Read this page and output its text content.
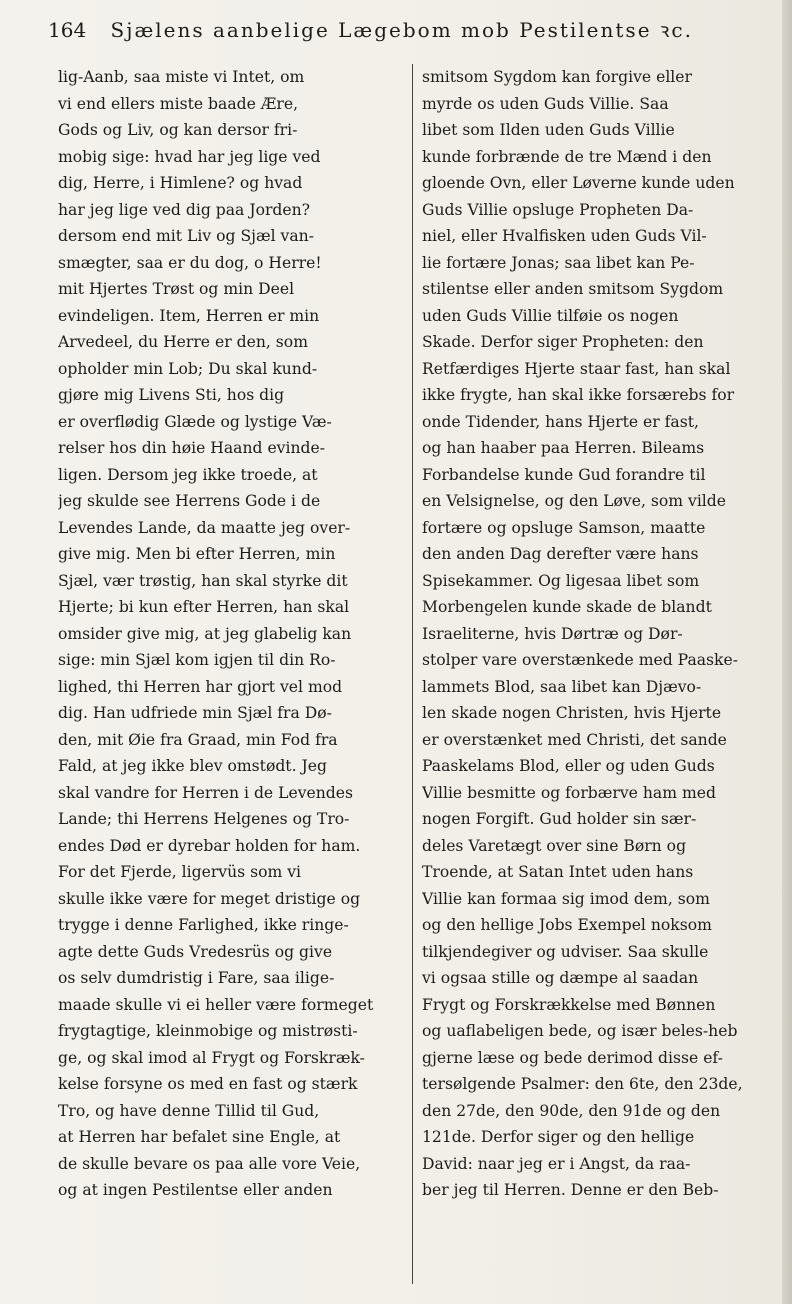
164 Sjælens aanbelige Lægebom mob Pestilentse ꝛc.
lig-Aanb, saa miste vi Intet, om
vi end ellers miste baade Ære,
Gods og Liv, og kan dersor fri-
mobig sige: hvad har jeg lige ved
dig, Herre, i Himlene? og hvad
har jeg lige ved dig paa Jorden?
dersom end mit Liv og Sjæl van-
smægter, saa er du dog, o Herre!
mit Hjertes Trøst og min Deel
evindeligen. Item, Herren er min
Arvedeel, du Herre er den, som
opholder min Lob; Du skal kund-
gjøre mig Livens Sti, hos dig
er overflødig Glæde og lystige Væ-
relser hos din høie Haand evinde-
ligen. Dersom jeg ikke troede, at
jeg skulde see Herrens Gode i de
Levendes Lande, da maatte jeg over-
give mig. Men bi efter Herren, min
Sjæl, vær trøstig, han skal styrke dit
Hjerte; bi kun efter Herren, han skal
omsider give mig, at jeg glabelig kan
sige: min Sjæl kom igjen til din Ro-
lighed, thi Herren har gjort vel mod
dig. Han udfriede min Sjæl fra Dø-
den, mit Øie fra Graad, min Fod fra
Fald, at jeg ikke blev omstødt. Jeg
skal vandre for Herren i de Levendes
Lande; thi Herrens Helgenes og Tro-
endes Død er dyrebar holden for ham.
For det Fjerde, ligervüs som vi
skulle ikke være for meget dristige og
trygge i denne Farlighed, ikke ringe-
agte dette Guds Vredesrüs og give
os selv dumdristig i Fare, saa ilige-
maade skulle vi ei heller være formeget
frygtagtige, kleinmobige og mistrøsti-
ge, og skal imod al Frygt og Forskræk-
kelse forsyne os med en fast og stærk
Tro, og have denne Tillid til Gud,
at Herren har befalet sine Engle, at
de skulle bevare os paa alle vore Veie,
og at ingen Pestilentse eller anden
smitsom Sygdom kan forgive eller
myrde os uden Guds Villie. Saa
libet som Ilden uden Guds Villie
kunde forbrænde de tre Mænd i den
gloende Ovn, eller Løverne kunde uden
Guds Villie opsluge Propheten Da-
niel, eller Hvalfisken uden Guds Vil-
lie fortære Jonas; saa libet kan Pe-
stilentse eller anden smitsom Sygdom
uden Guds Villie tilføie os nogen
Skade. Derfor siger Propheten: den
Retfærdiges Hjerte staar fast, han skal
ikke frygte, han skal ikke forsærebs for
onde Tidender, hans Hjerte er fast,
og han haaber paa Herren. Bileams
Forbandelse kunde Gud forandre til
en Velsignelse, og den Løve, som vilde
fortære og opsluge Samson, maatte
den anden Dag derefter være hans
Spisekammer. Og ligesaa libet som
Morbengelen kunde skade de blandt
Israeliterne, hvis Dørtræ og Dør-
stolper vare overstænkede med Paaske-
lammets Blod, saa libet kan Djævo-
len skade nogen Christen, hvis Hjerte
er overstænket med Christi, det sande
Paaskelams Blod, eller og uden Guds
Villie besmitte og forbærve ham med
nogen Forgift. Gud holder sin sær-
deles Varetægt over sine Børn og
Troende, at Satan Intet uden hans
Villie kan formaa sig imod dem, som
og den hellige Jobs Exempel noksom
tilkjendegiver og udviser. Saa skulle
vi ogsaa stille og dæmpe al saadan
Frygt og Forskrækkelse med Bønnen
og uaflabeligen bede, og især beles-heb
gjerne læse og bede derimod disse ef-
tersølgende Psalmer: den 6te, den 23de,
den 27de, den 90de, den 91de og den
121de. Derfor siger og den hellige
David: naar jeg er i Angst, da raa-
ber jeg til Herren. Denne er den Beb-
